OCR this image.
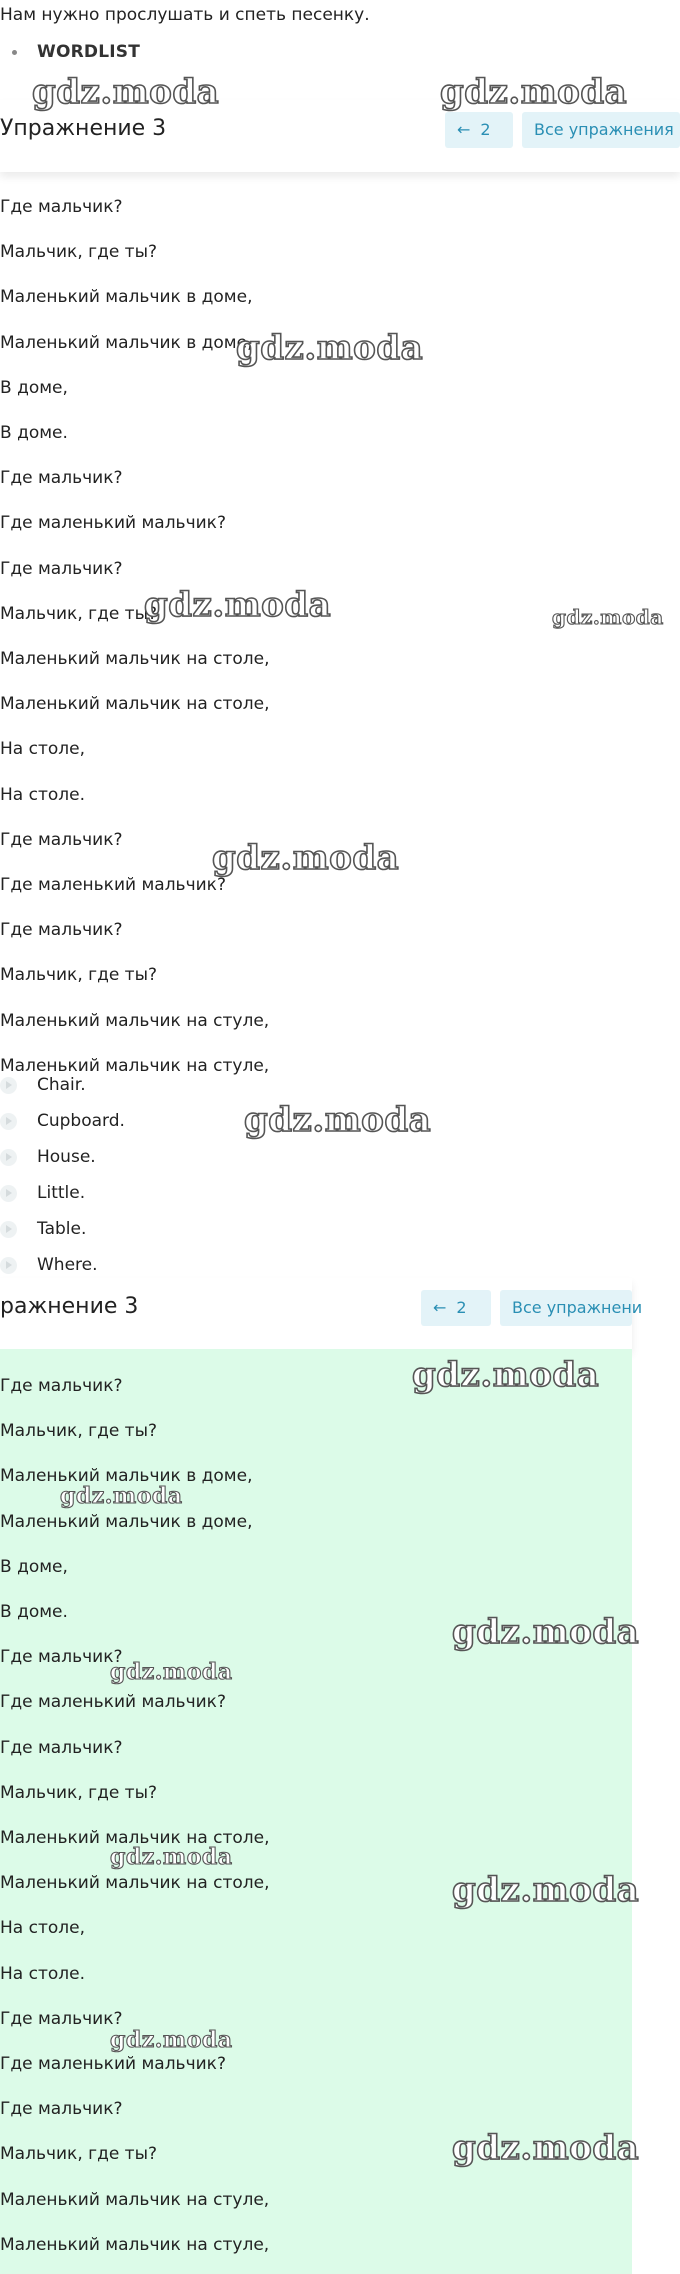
Нам нужно прослушать и спеть песенку.
WORDLIST
Упражнение 3	← 2	Все упражнения
Где мальчик?
Мальчик, где ты?
Маленький мальчик в доме,
Маленький мальчик в доме,
В доме,
В доме.
Где мальчик?
Где маленький мальчик?
Где мальчик?
Мальчик, где ты?
Маленький мальчик на столе,
Маленький мальчик на столе,
На столе,
На столе.
Где мальчик?
Где маленький мальчик?
Где мальчик?
Мальчик, где ты?
Маленький мальчик на стуле,
Маленький мальчик на стуле,
Chair.
Cupboard.
House.
Little.
Table.
Where.
ражнение 3	← 2	Все упражнени
Где мальчик?
Мальчик, где ты?
Маленький мальчик в доме,
Маленький мальчик в доме,
В доме,
В доме.
Где мальчик?
Где маленький мальчик?
Где мальчик?
Мальчик, где ты?
Маленький мальчик на столе,
Маленький мальчик на столе,
На столе,
На столе.
Где мальчик?
Где маленький мальчик?
Где мальчик?
Мальчик, где ты?
Маленький мальчик на стуле,
Маленький мальчик на стуле,
gdz.moda	gdz.moda
gdz.moda
gdz.moda	gdz.moda
gdz.moda
gdz.moda
gdz.moda
gdz.moda
gdz.moda
gdz.moda
gdz.moda
gdz.moda
gdz.moda
gdz.moda
